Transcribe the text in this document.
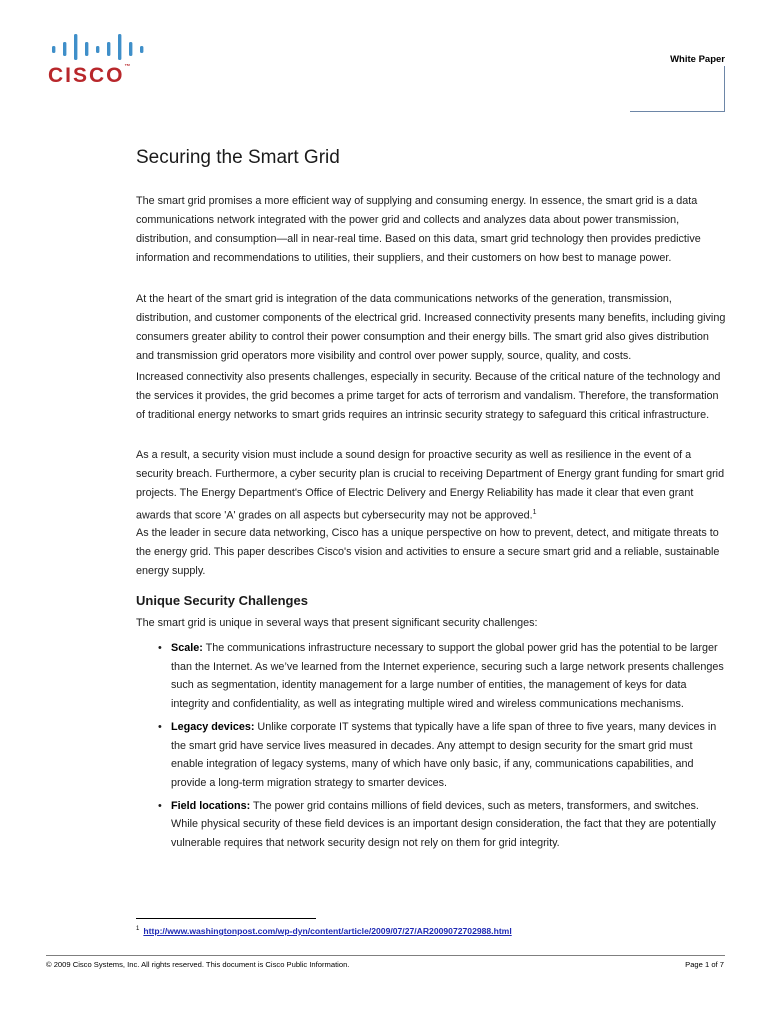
CISCO™
White Paper
Securing the Smart Grid

The smart grid promises a more efficient way of supplying and consuming energy. In essence, the smart grid is a data communications network integrated with the power grid and collects and analyzes data about power transmission, distribution, and consumption—all in near-real time. Based on this data, smart grid technology then provides predictive information and recommendations to utilities, their suppliers, and their customers on how best to manage power.

At the heart of the smart grid is integration of the data communications networks of the generation, transmission, distribution, and customer components of the electrical grid. Increased connectivity presents many benefits, including giving consumers greater ability to control their power consumption and their energy bills. The smart grid also gives distribution and transmission grid operators more visibility and control over power supply, source, quality, and costs.

Increased connectivity also presents challenges, especially in security. Because of the critical nature of the technology and the services it provides, the grid becomes a prime target for acts of terrorism and vandalism. Therefore, the transformation of traditional energy networks to smart grids requires an intrinsic security strategy to safeguard this critical infrastructure.

As a result, a security vision must include a sound design for proactive security as well as resilience in the event of a security breach. Furthermore, a cyber security plan is crucial to receiving Department of Energy grant funding for smart grid projects. The Energy Department's Office of Electric Delivery and Energy Reliability has made it clear that even grant awards that score 'A' grades on all aspects but cybersecurity may not be approved.$^1$

As the leader in secure data networking, Cisco has a unique perspective on how to prevent, detect, and mitigate threats to the energy grid. This paper describes Cisco's vision and activities to ensure a secure smart grid and a reliable, sustainable energy supply.

Unique Security Challenges

The smart grid is unique in several ways that present significant security challenges:

• Scale: The communications infrastructure necessary to support the global power grid has the potential to be larger than the Internet. As we’ve learned from the Internet experience, securing such a large network presents challenges such as segmentation, identity management for a large number of entities, the management of keys for data integrity and confidentiality, as well as integrating multiple wired and wireless communications mechanisms.
• Legacy devices: Unlike corporate IT systems that typically have a life span of three to five years, many devices in the smart grid have service lives measured in decades. Any attempt to design security for the smart grid must enable integration of legacy systems, many of which have only basic, if any, communications capabilities, and provide a long-term migration strategy to smarter devices.
• Field locations: The power grid contains millions of field devices, such as meters, transformers, and switches. While physical security of these field devices is an important design consideration, the fact that they are potentially vulnerable requires that network security design not rely on them for grid integrity.
$^1$ http://www.washingtonpost.com/wp-dyn/content/article/2009/07/27/AR2009072702988.html
© 2009 Cisco Systems, Inc. All rights reserved. This document is Cisco Public Information.	Page 1 of 7
